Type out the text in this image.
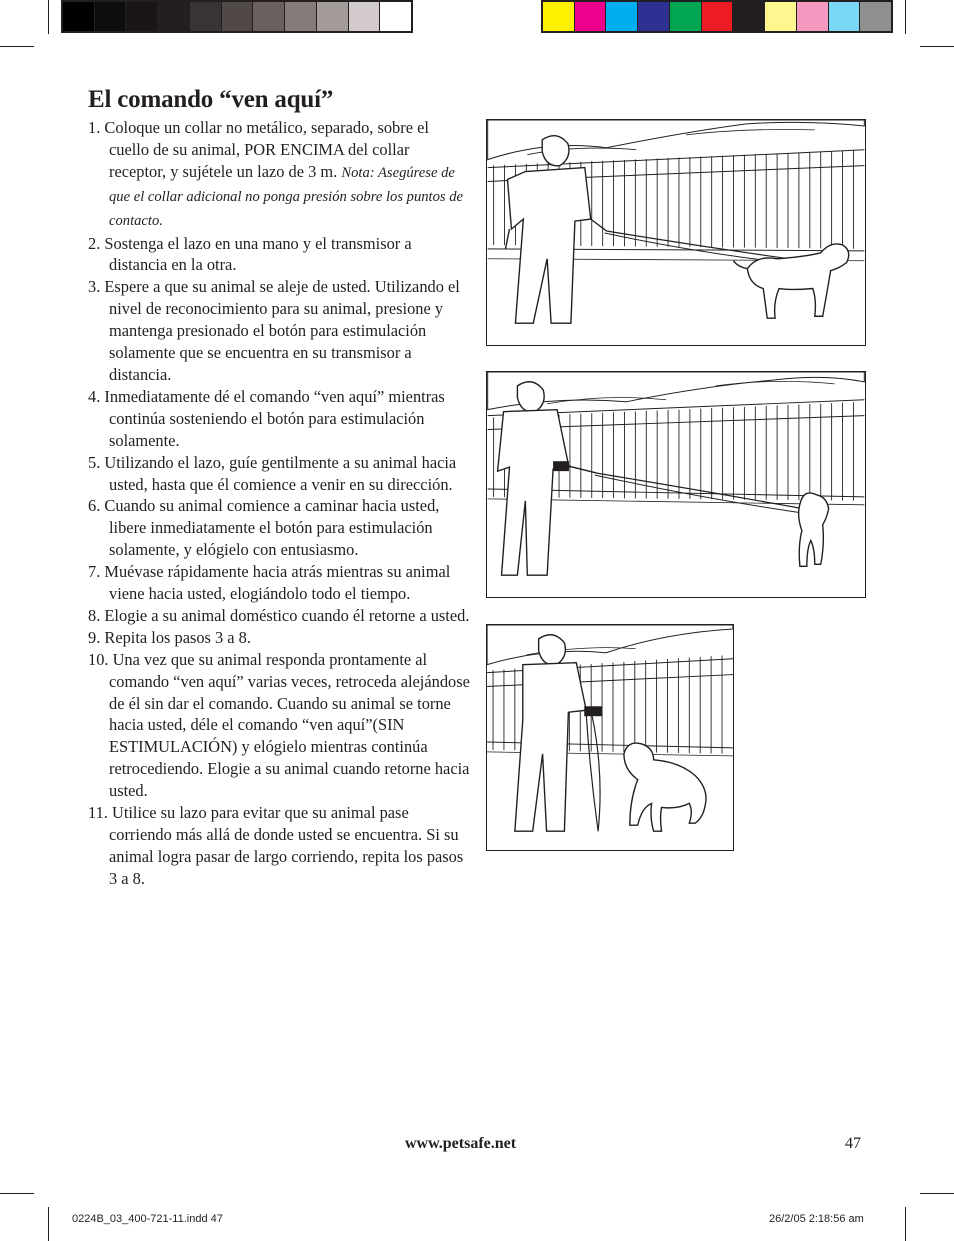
El comando “ven aquí”
1. Coloque un collar no metálico, separado, sobre el cuello de su animal, POR ENCIMA del collar receptor, y sujétele un lazo de 3 m. Nota: Asegúrese de que el collar adicional no ponga presión sobre los puntos de contacto.
2. Sostenga el lazo en una mano y el transmisor a distancia en la otra.
3. Espere a que su animal se aleje de usted. Utilizando el nivel de reconocimiento para su animal, presione y mantenga presionado el botón para estimulación solamente que se encuentra en su transmisor a distancia.
4. Inmediatamente dé el comando “ven aquí” mientras continúa sosteniendo el botón para estimulación solamente.
5. Utilizando el lazo, guíe gentilmente a su animal hacia usted, hasta que él comience a venir en su dirección.
6. Cuando su animal comience a caminar hacia usted, libere inmediatamente el botón para estimulación solamente, y elógielo con entusiasmo.
7. Muévase rápidamente hacia atrás mientras su animal viene hacia usted, elogiándolo todo el tiempo.
8. Elogie a su animal doméstico cuando él retorne a usted.
9. Repita los pasos 3 a 8.
10. Una vez que su animal responda prontamente al comando “ven aquí” varias veces, retroceda alejándose de él sin dar el comando. Cuando su animal se torne hacia usted, déle el comando “ven aquí”(SIN ESTIMULACIÓN) y elógielo mientras continúa retrocediendo. Elogie a su animal cuando retorne hacia usted.
11. Utilice su lazo para evitar que su animal pase corriendo más allá de donde usted se encuentra. Si su animal logra pasar de largo corriendo, repita los pasos 3 a 8.
www.petsafe.net	47
0224B_03_400-721-11.indd 47	26/2/05 2:18:56 am
